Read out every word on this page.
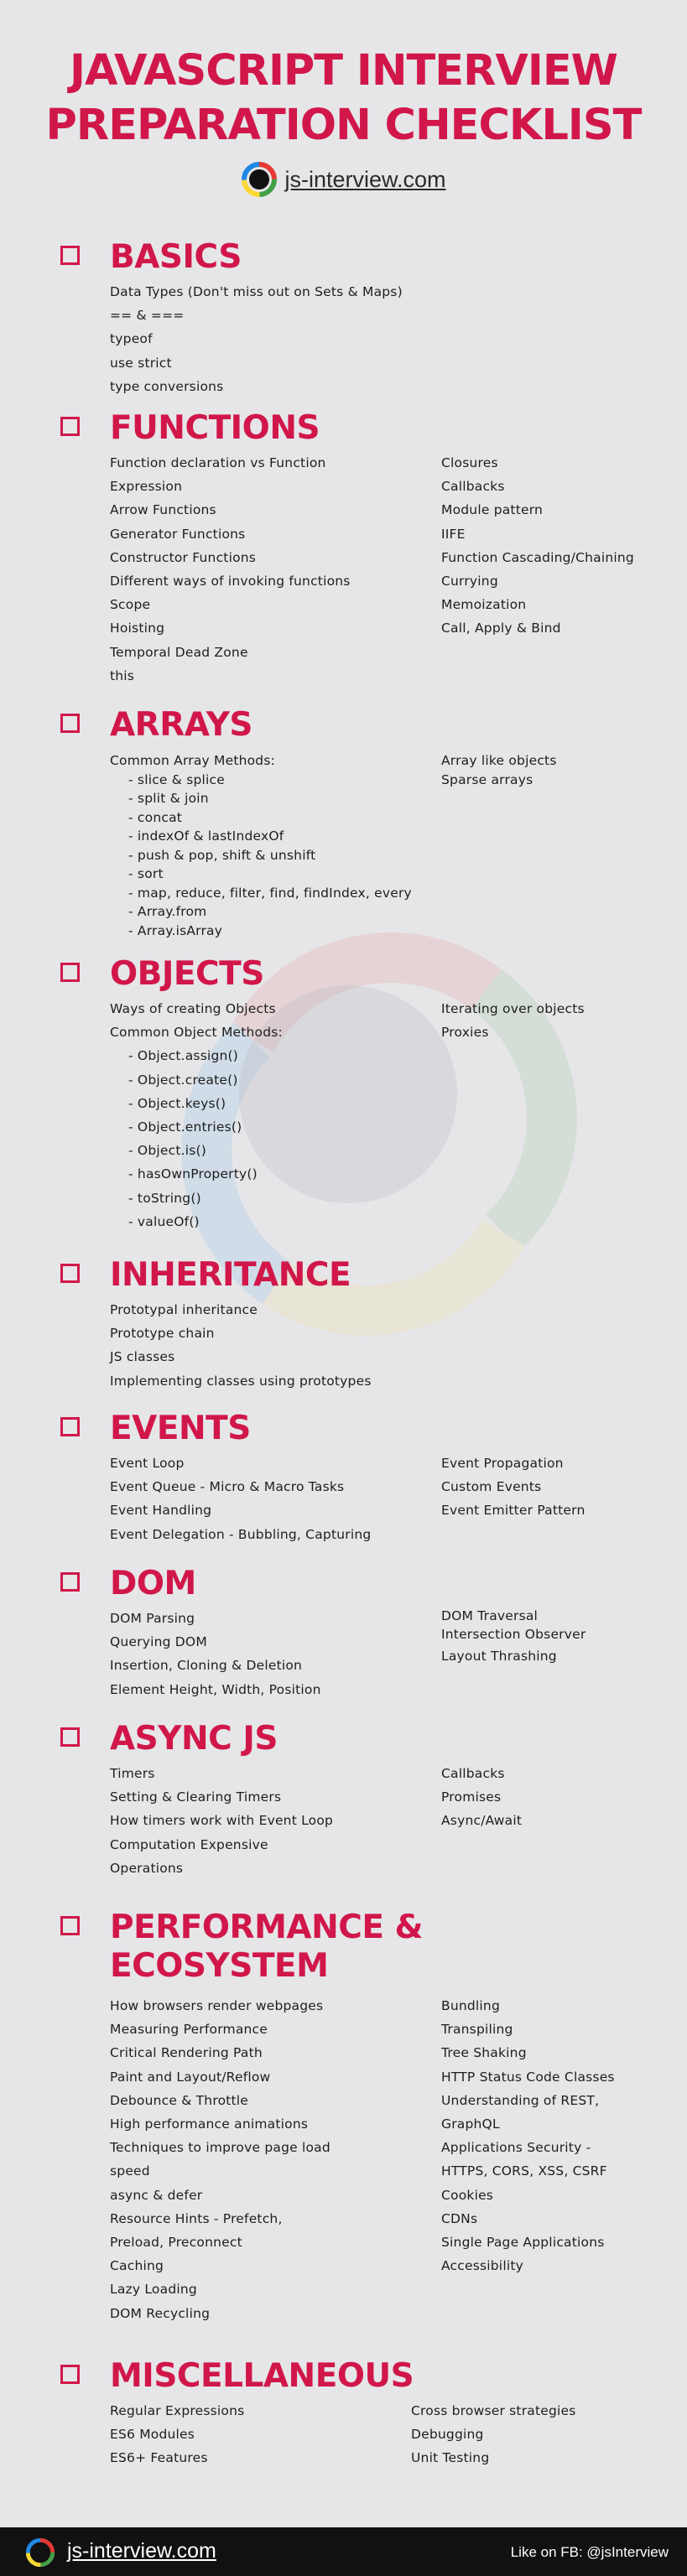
JAVASCRIPT INTERVIEW
PREPARATION CHECKLIST
js-interview.com
BASICS
Data Types (Don't miss out on Sets & Maps)
== & ===
typeof
use strict
type conversions
FUNCTIONS
Function declaration vs Function
Expression
Arrow Functions
Generator Functions
Constructor Functions
Different ways of invoking functions
Scope
Hoisting
Temporal Dead Zone
this
Closures
Callbacks
Module pattern
IIFE
Function Cascading/Chaining
Currying
Memoization
Call, Apply & Bind
ARRAYS
Common Array Methods:
- slice & splice
- split & join
- concat
- indexOf & lastIndexOf
- push & pop, shift & unshift
- sort
- map, reduce, filter, find, findIndex, every
- Array.from
- Array.isArray
Array like objects
Sparse arrays
OBJECTS
Ways of creating Objects
Common Object Methods:
- Object.assign()
- Object.create()
- Object.keys()
- Object.entries()
- Object.is()
- hasOwnProperty()
- toString()
- valueOf()
Iterating over objects
Proxies
INHERITANCE
Prototypal inheritance
Prototype chain
JS classes
Implementing classes using prototypes
EVENTS
Event Loop
Event Queue - Micro & Macro Tasks
Event Handling
Event Delegation - Bubbling, Capturing
Event Propagation
Custom Events
Event Emitter Pattern
DOM
DOM Parsing
Querying DOM
Insertion, Cloning & Deletion
Element Height, Width, Position
DOM Traversal
Intersection Observer
Layout Thrashing
ASYNC JS
Timers
Setting & Clearing Timers
How timers work with Event Loop
Computation Expensive
Operations
Callbacks
Promises
Async/Await
PERFORMANCE &
ECOSYSTEM
How browsers render webpages
Measuring Performance
Critical Rendering Path
Paint and Layout/Reflow
Debounce & Throttle
High performance animations
Techniques to improve page load
speed
async & defer
Resource Hints - Prefetch,
Preload, Preconnect
Caching
Lazy Loading
DOM Recycling
Bundling
Transpiling
Tree Shaking
HTTP Status Code Classes
Understanding of REST,
GraphQL
Applications Security -
HTTPS, CORS, XSS, CSRF
Cookies
CDNs
Single Page Applications
Accessibility
MISCELLANEOUS
Regular Expressions
ES6 Modules
ES6+ Features
Cross browser strategies
Debugging
Unit Testing
js-interview.com	Like on FB: @jsInterview
